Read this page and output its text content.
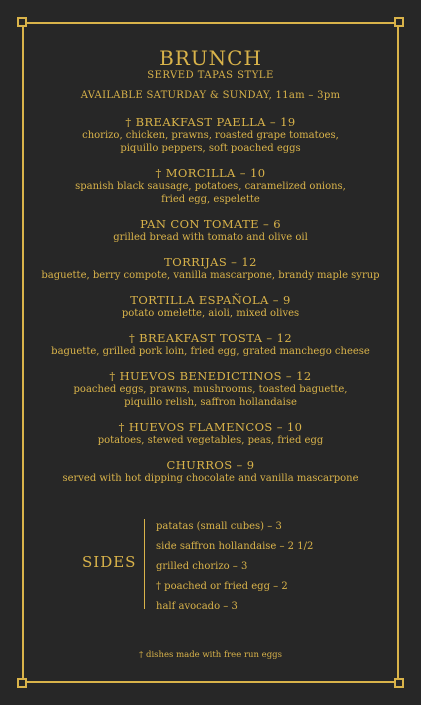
BRUNCH
SERVED TAPAS STYLE
AVAILABLE SATURDAY & SUNDAY, 11am – 3pm
† BREAKFAST PAELLA – 19
chorizo, chicken, prawns, roasted grape tomatoes,
piquillo peppers, soft poached eggs
† MORCILLA – 10
spanish black sausage, potatoes, caramelized onions,
fried egg, espelette
PAN CON TOMATE – 6
grilled bread with tomato and olive oil
TORRIJAS – 12
baguette, berry compote, vanilla mascarpone, brandy maple syrup
TORTILLA ESPAÑOLA – 9
potato omelette, aioli, mixed olives
† BREAKFAST TOSTA – 12
baguette, grilled pork loin, fried egg, grated manchego cheese
† HUEVOS BENEDICTINOS – 12
poached eggs, prawns, mushrooms, toasted baguette,
piquillo relish, saffron hollandaise
† HUEVOS FLAMENCOS – 10
potatoes, stewed vegetables, peas, fried egg
CHURROS – 9
served with hot dipping chocolate and vanilla mascarpone
SIDES
patatas (small cubes) – 3
side saffron hollandaise – 2 1/2
grilled chorizo – 3
† poached or fried egg – 2
half avocado – 3
† dishes made with free run eggs
